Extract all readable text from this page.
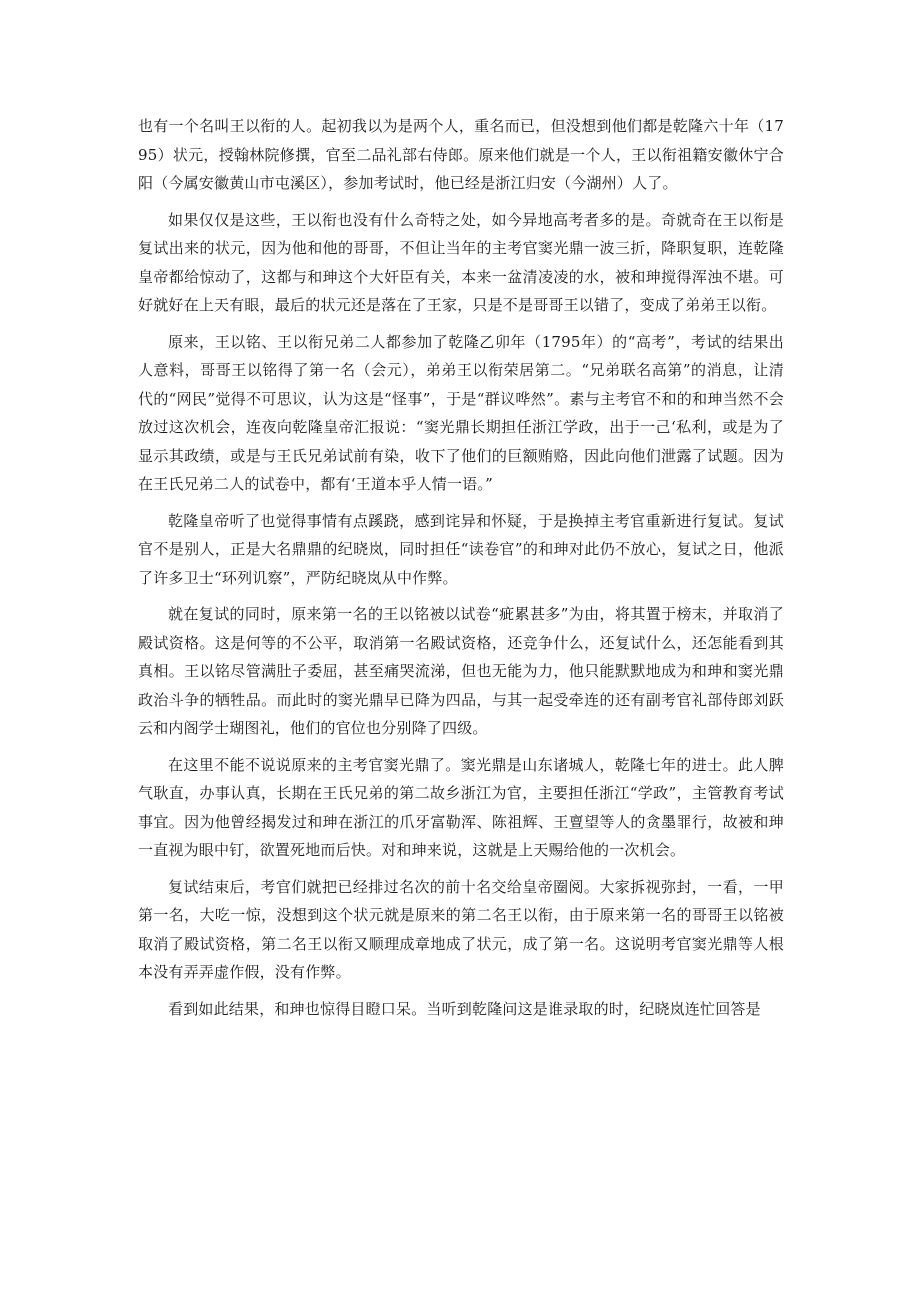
也有一个名叫王以衔的人。起初我以为是两个人，重名而已，但没想到他们都是乾隆六十年（1795）状元，授翰林院修撰，官至二品礼部右侍郎。原来他们就是一个人，王以衔祖籍安徽休宁合阳（今属安徽黄山市屯溪区），参加考试时，他已经是浙江归安（今湖州）人了。

如果仅仅是这些，王以衔也没有什么奇特之处，如今异地高考者多的是。奇就奇在王以衔是复试出来的状元，因为他和他的哥哥，不但让当年的主考官窦光鼎一波三折，降职复职，连乾隆皇帝都给惊动了，这都与和珅这个大奸臣有关，本来一盆清凌凌的水，被和珅搅得浑浊不堪。可好就好在上天有眼，最后的状元还是落在了王家，只是不是哥哥王以错了，变成了弟弟王以衔。

原来，王以铭、王以衔兄弟二人都参加了乾隆乙卯年（1795年）的“高考”，考试的结果出人意料，哥哥王以铭得了第一名（会元），弟弟王以衔荣居第二。“兄弟联名高第”的消息，让清代的“网民”觉得不可思议，认为这是“怪事”，于是“群议哗然”。素与主考官不和的和珅当然不会放过这次机会，连夜向乾隆皇帝汇报说：“窦光鼎长期担任浙江学政，出于一己‘私利，或是为了显示其政绩，或是与王氏兄弟试前有染，收下了他们的巨额贿赂，因此向他们泄露了试题。因为在王氏兄弟二人的试卷中，都有‘王道本乎人情一语。”

乾隆皇帝听了也觉得事情有点蹊跷，感到诧异和怀疑，于是换掉主考官重新进行复试。复试官不是别人，正是大名鼎鼎的纪晓岚，同时担任“读卷官”的和珅对此仍不放心，复试之日，他派了许多卫士“环列讥察”，严防纪晓岚从中作弊。

就在复试的同时，原来第一名的王以铭被以试卷“疵累甚多”为由，将其置于榜末，并取消了殿试资格。这是何等的不公平，取消第一名殿试资格，还竞争什么，还复试什么，还怎能看到其真相。王以铭尽管满肚子委屈，甚至痛哭流涕，但也无能为力，他只能默默地成为和珅和窦光鼎政治斗争的牺牲品。而此时的窦光鼎早已降为四品，与其一起受牵连的还有副考官礼部侍郎刘跃云和内阁学士瑚图礼，他们的官位也分别降了四级。

在这里不能不说说原来的主考官窦光鼎了。窦光鼎是山东诸城人，乾隆七年的进士。此人脾气耿直，办事认真，长期在王氏兄弟的第二故乡浙江为官，主要担任浙江“学政”，主管教育考试事宜。因为他曾经揭发过和珅在浙江的爪牙富勒浑、陈祖辉、王亶望等人的贪墨罪行，故被和珅一直视为眼中钉，欲置死地而后快。对和珅来说，这就是上天赐给他的一次机会。

复试结束后，考官们就把已经排过名次的前十名交给皇帝圈阅。大家拆视弥封，一看，一甲第一名，大吃一惊，没想到这个状元就是原来的第二名王以衔，由于原来第一名的哥哥王以铭被取消了殿试资格，第二名王以衔又顺理成章地成了状元，成了第一名。这说明考官窦光鼎等人根本没有弄弄虚作假，没有作弊。

看到如此结果，和珅也惊得目瞪口呆。当听到乾隆问这是谁录取的时，纪晓岚连忙回答是
